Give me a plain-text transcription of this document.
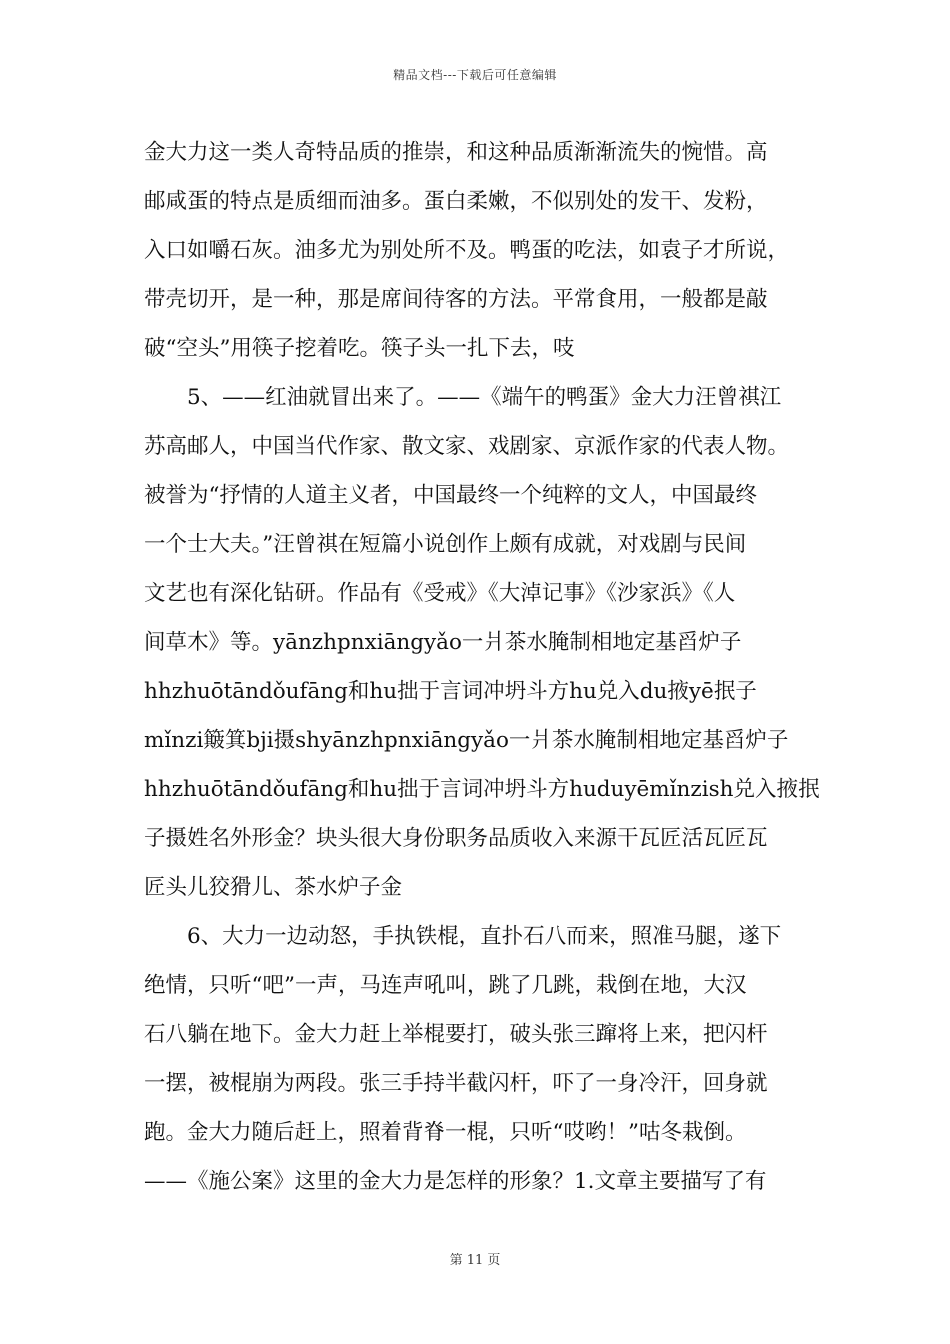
精品文档---下载后可任意编辑
金大力这一类人奇特品质的推崇，和这种品质渐渐流失的惋惜。高
邮咸蛋的特点是质细而油多。蛋白柔嫩，不似别处的发干、发粉，
入口如嚼石灰。油多尤为别处所不及。鸭蛋的吃法，如袁子才所说，
带壳切开，是一种，那是席间待客的方法。平常食用，一般都是敲
破“空头”用筷子挖着吃。筷子头一扎下去，吱
5、——红油就冒出来了。——《端午的鸭蛋》金大力汪曾祺江
苏高邮人，中国当代作家、散文家、戏剧家、京派作家的代表人物。
被誉为“抒情的人道主义者，中国最终一个纯粹的文人，中国最终
一个士大夫。”汪曾祺在短篇小说创作上颇有成就，对戏剧与民间
文艺也有深化钻研。作品有《受戒》《大淖记事》《沙家浜》《人
间草木》等。yānzhpnxiāngyǎo一爿茶水腌制相地定基舀炉子
hhzhuōtāndǒufāng和hu拙于言词冲坍斗方hu兑入du掖yē抿子
mǐnzi簸箕bji摄shyānzhpnxiāngyǎo一爿茶水腌制相地定基舀炉子
hhzhuōtāndǒufāng和hu拙于言词冲坍斗方huduyēmǐnzish兑入掖抿
子摄姓名外形金？块头很大身份职务品质收入来源干瓦匠活瓦匠瓦
匠头儿狡猾儿、茶水炉子金
6、大力一边动怒，手执铁棍，直扑石八而来，照准马腿，遂下
绝情，只听“吧”一声，马连声吼叫，跳了几跳，栽倒在地，大汉
石八躺在地下。金大力赶上举棍要打，破头张三蹿将上来，把闪杆
一摆，被棍崩为两段。张三手持半截闪杆，吓了一身冷汗，回身就
跑。金大力随后赶上，照着背脊一棍，只听“哎哟！”咕冬栽倒。
——《施公案》这里的金大力是怎样的形象？1.文章主要描写了有
第 11 页
